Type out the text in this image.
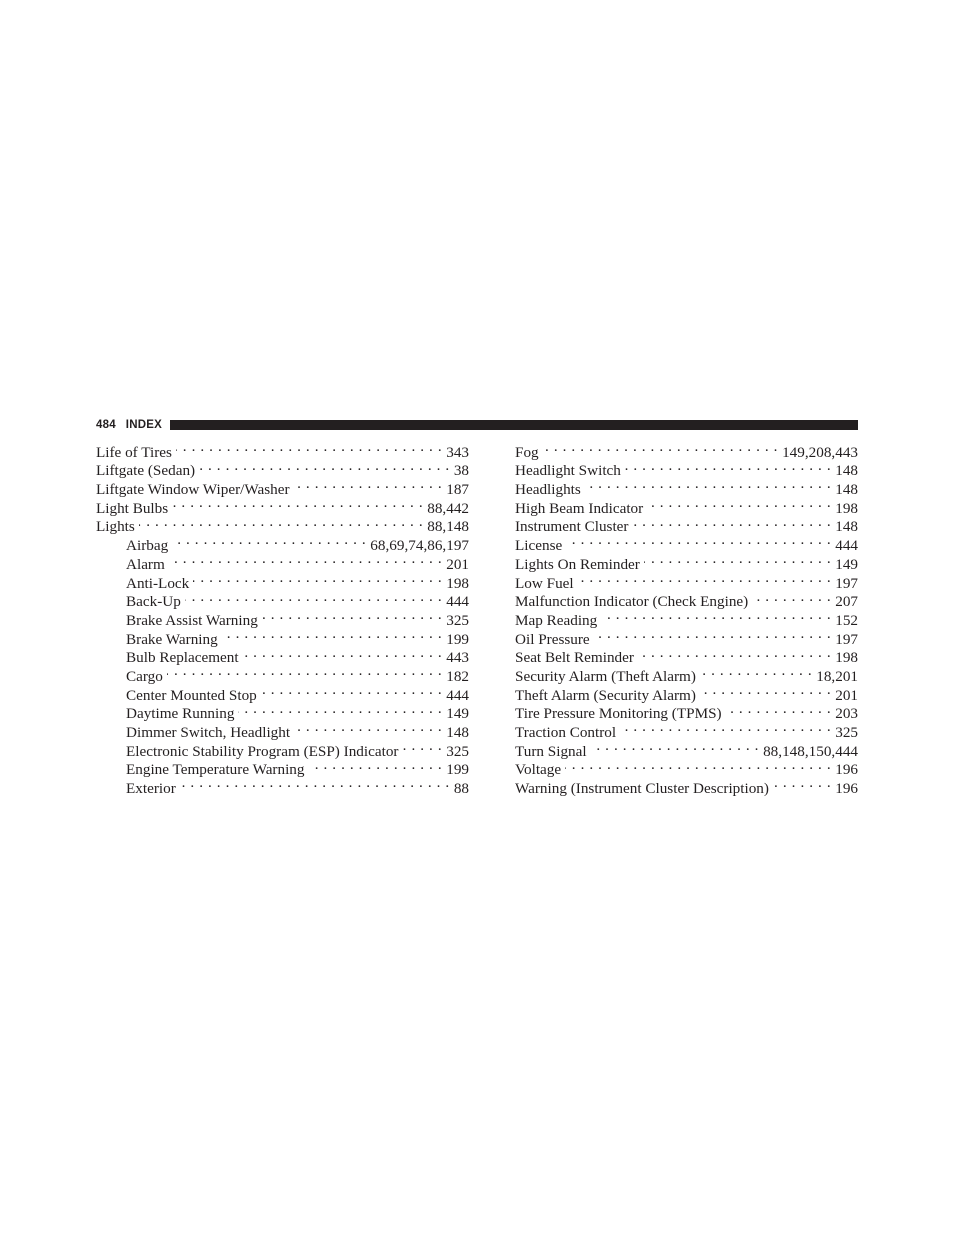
484 INDEX
Life of Tires . . .	343
Liftgate (Sedan) . . .	38
Liftgate Window Wiper/Washer . . .	187
Light Bulbs . . .	88,442
Lights . . .	88,148
Airbag . . .	68,69,74,86,197
Alarm . . .	201
Anti-Lock . . .	198
Back-Up . . .	444
Brake Assist Warning . . .	325
Brake Warning . . .	199
Bulb Replacement . . .	443
Cargo . . .	182
Center Mounted Stop . . .	444
Daytime Running . . .	149
Dimmer Switch, Headlight . . .	148
Electronic Stability Program (ESP) Indicator . . .	325
Engine Temperature Warning . . .	199
Exterior . . .	88
Fog . . .	149,208,443
Headlight Switch . . .	148
Headlights . . .	148
High Beam Indicator . . .	198
Instrument Cluster . . .	148
License . . .	444
Lights On Reminder . . .	149
Low Fuel . . .	197
Malfunction Indicator (Check Engine) . . .	207
Map Reading . . .	152
Oil Pressure . . .	197
Seat Belt Reminder . . .	198
Security Alarm (Theft Alarm) . . .	18,201
Theft Alarm (Security Alarm) . . .	201
Tire Pressure Monitoring (TPMS) . . .	203
Traction Control . . .	325
Turn Signal . . .	88,148,150,444
Voltage . . .	196
Warning (Instrument Cluster Description) . . .	196
